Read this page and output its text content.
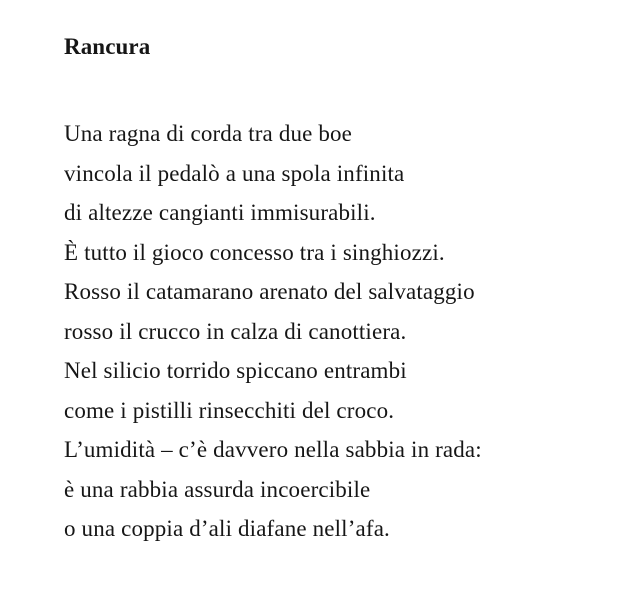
Rancura
Una ragna di corda tra due boe
vincola il pedalò a una spola infinita
di altezze cangianti immisurabili.
È tutto il gioco concesso tra i singhiozzi.
Rosso il catamarano arenato del salvataggio
rosso il crucco in calza di canottiera.
Nel silicio torrido spiccano entrambi
come i pistilli rinsecchiti del croco.
L’umidità – c’è davvero nella sabbia in rada:
è una rabbia assurda incoercibile
o una coppia d’ali diafane nell’afa.
